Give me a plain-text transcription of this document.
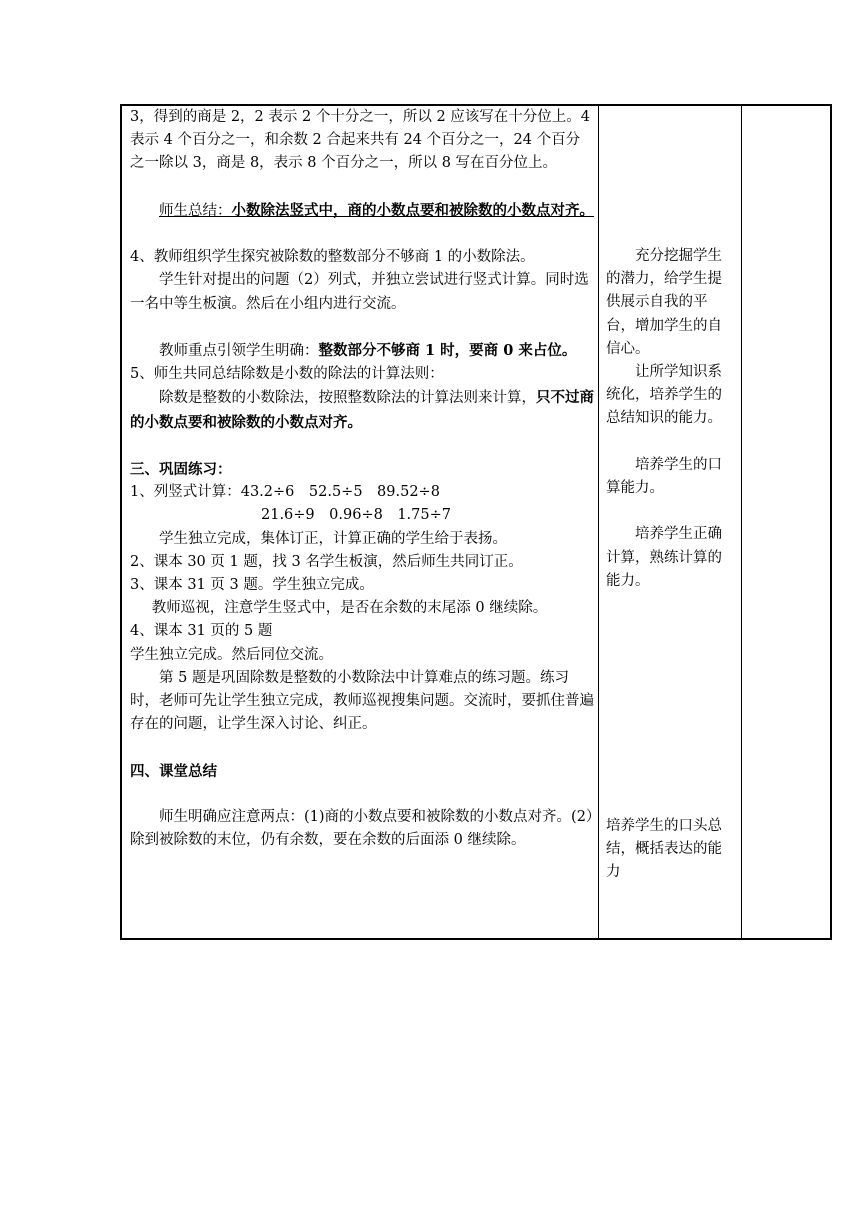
3，得到的商是 2，2 表示 2 个十分之一，所以 2 应该写在十分位上。4 表示 4 个百分之一，和余数 2 合起来共有 24 个百分之一，24 个百分之一除以 3，商是 8，表示 8 个百分之一，所以 8 写在百分位上。

师生总结：小数除法竖式中，商的小数点要和被除数的小数点对齐。

4、教师组织学生探究被除数的整数部分不够商 1 的小数除法。

学生针对提出的问题（2）列式，并独立尝试进行竖式计算。同时选一名中等生板演。然后在小组内进行交流。

教师重点引领学生明确：整数部分不够商 1 时，要商 0 来占位。

5、师生共同总结除数是小数的除法的计算法则：

除数是整数的小数除法，按照整数除法的计算法则来计算，只不过商的小数点要和被除数的小数点对齐。

三、巩固练习：

1、列竖式计算：43.2÷6　52.5÷5　89.52÷8

21.6÷9　0.96÷8　1.75÷7

学生独立完成，集体订正，计算正确的学生给于表扬。

2、课本 30 页 1 题，找 3 名学生板演，然后师生共同订正。

3、课本 31 页 3 题。学生独立完成。

教师巡视，注意学生竖式中，是否在余数的末尾添 0 继续除。

4、课本 31 页的 5 题

学生独立完成。然后同位交流。

第 5 题是巩固除数是整数的小数除法中计算难点的练习题。练习时，老师可先让学生独立完成，教师巡视搜集问题。交流时，要抓住普遍存在的问题，让学生深入讨论、纠正。

四、课堂总结

师生明确应注意两点：(1)商的小数点要和被除数的小数点对齐。(2）除到被除数的末位，仍有余数，要在余数的后面添 0 继续除。

充分挖掘学生的潜力，给学生提供展示自我的平台，增加学生的自信心。

让所学知识系统化，培养学生的总结知识的能力。

培养学生的口算能力。

培养学生正确计算，熟练计算的能力。

培养学生的口头总结，概括表达的能力
